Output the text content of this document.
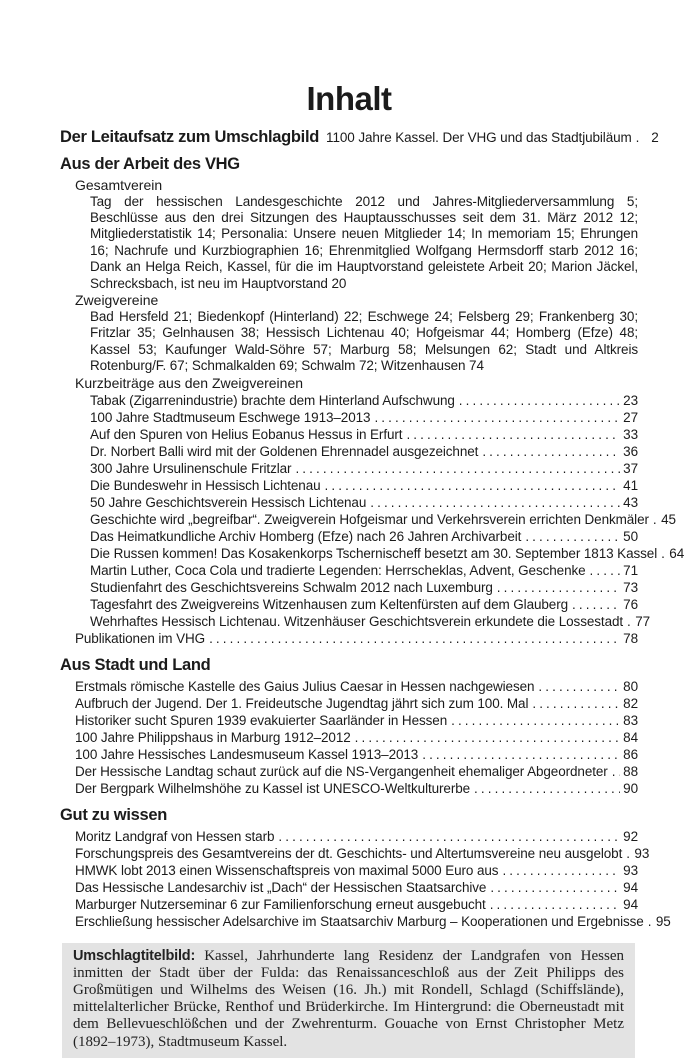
Inhalt
Der Leitaufsatz zum Umschlagbild 1100 Jahre Kassel. Der VHG und das Stadtjubiläum .....	2
Aus der Arbeit des VHG
Gesamtverein

Tag der hessischen Landesgeschichte 2012 und Jahres-Mitgliederversammlung 5; Beschlüsse aus den drei Sitzungen des Hauptausschusses seit dem 31. März 2012 12; Mitgliederstatistik 14; Personalia: Unsere neuen Mitglieder 14; In memoriam 15; Ehrungen 16; Nachrufe und Kurzbiographien 16; Ehrenmitglied Wolfgang Hermsdorff starb 2012 16; Dank an Helga Reich, Kassel, für die im Hauptvorstand geleistete Arbeit 20; Marion Jäckel, Schrecksbach, ist neu im Hauptvorstand 20

Zweigvereine

Bad Hersfeld 21; Biedenkopf (Hinterland) 22; Eschwege 24; Felsberg 29; Frankenberg 30; Fritzlar 35; Gelnhausen 38; Hessisch Lichtenau 40; Hofgeismar 44; Homberg (Efze) 48; Kassel 53; Kaufunger Wald-Söhre 57; Marburg 58; Melsungen 62; Stadt und Altkreis Rotenburg/F. 67; Schmalkalden 69; Schwalm 72; Witzenhausen 74

Kurzbeiträge aus den Zweigvereinen
Tabak (Zigarrenindustrie) brachte dem Hinterland Aufschwung .....	23
100 Jahre Stadtmuseum Eschwege 1913–2013 .....	27
Auf den Spuren von Helius Eobanus Hessus in Erfurt .....	33
Dr. Norbert Balli wird mit der Goldenen Ehrennadel ausgezeichnet .....	36
300 Jahre Ursulinenschule Fritzlar .....	37
Die Bundeswehr in Hessisch Lichtenau .....	41
50 Jahre Geschichtsverein Hessisch Lichtenau .....	43
Geschichte wird „begreifbar“. Zweigverein Hofgeismar und Verkehrsverein errichten Denkmäler ..... 45
Das Heimatkundliche Archiv Homberg (Efze) nach 26 Jahren Archivarbeit .....	50
Die Russen kommen! Das Kosakenkorps Tschernischeff besetzt am 30. September 1813 Kassel ..... 64
Martin Luther, Coca Cola und tradierte Legenden: Herrscheklas, Advent, Geschenke .....	71
Studienfahrt des Geschichtsvereins Schwalm 2012 nach Luxemburg .....	73
Tagesfahrt des Zweigvereins Witzenhausen zum Keltenfürsten auf dem Glauberg .....	76
Wehrhaftes Hessisch Lichtenau. Witzenhäuser Geschichtsverein erkundete die Lossestadt ..... 77
Publikationen im VHG .....	78
Aus Stadt und Land
Erstmals römische Kastelle des Gaius Julius Caesar in Hessen nachgewiesen .....	80
Aufbruch der Jugend. Der 1. Freideutsche Jugendtag jährt sich zum 100. Mal .....	82
Historiker sucht Spuren 1939 evakuierter Saarländer in Hessen .....	83
100 Jahre Philippshaus in Marburg 1912–2012 .....	84
100 Jahre Hessisches Landesmuseum Kassel 1913–2013 .....	86
Der Hessische Landtag schaut zurück auf die NS-Vergangenheit ehemaliger Abgeordneter ..... 88
Der Bergpark Wilhelmshöhe zu Kassel ist UNESCO-Weltkulturerbe .....	90
Gut zu wissen
Moritz Landgraf von Hessen starb .....	92
Forschungspreis des Gesamtvereins der dt. Geschichts- und Altertumsvereine neu ausgelobt ..... 93
HMWK lobt 2013 einen Wissenschaftspreis von maximal 5000 Euro aus .....	93
Das Hessische Landesarchiv ist „Dach“ der Hessischen Staatsarchive .....	94
Marburger Nutzerseminar 6 zur Familienforschung erneut ausgebucht .....	94
Erschließung hessischer Adelsarchive im Staatsarchiv Marburg – Kooperationen und Ergebnisse ..... 95
Umschlagtitelbild: Kassel, Jahrhunderte lang Residenz der Landgrafen von Hessen inmitten der Stadt über der Fulda: das Renaissanceschloß aus der Zeit Philipps des Großmütigen und Wilhelms des Weisen (16. Jh.) mit Rondell, Schlagd (Schiffslände), mittelalterlicher Brücke, Renthof und Brüderkirche. Im Hintergrund: die Oberneustadt mit dem Bellevueschlößchen und der Zwehrenturm. Gouache von Ernst Christopher Metz (1892–1973), Stadtmuseum Kassel.
